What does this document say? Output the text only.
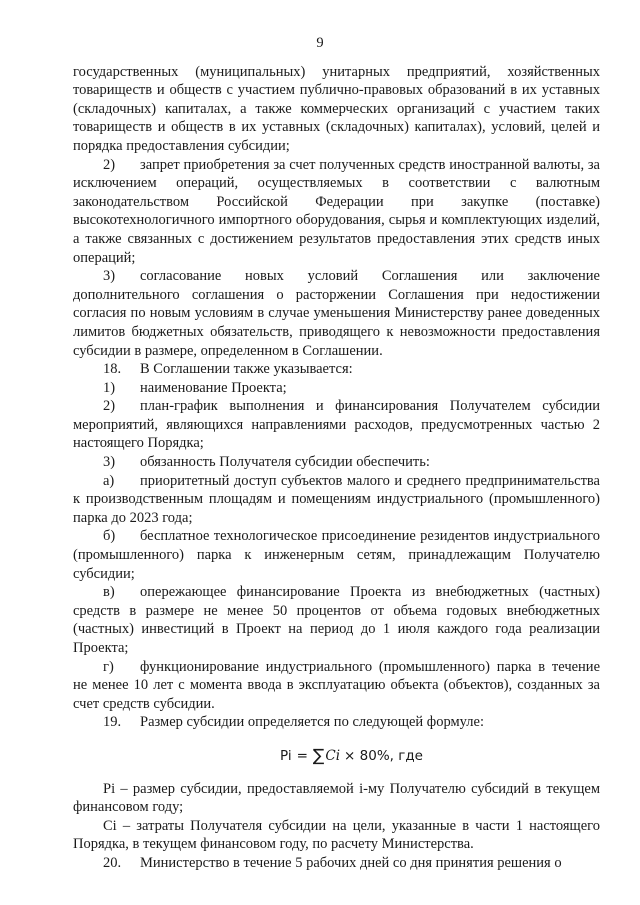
9

государственных (муниципальных) унитарных предприятий, хозяйственных товариществ и обществ с участием публично-правовых образований в их уставных (складочных) капиталах, а также коммерческих организаций с участием таких товариществ и обществ в их уставных (складочных) капиталах), условий, целей и порядка предоставления субсидии;

2) запрет приобретения за счет полученных средств иностранной валюты, за исключением операций, осуществляемых в соответствии с валютным законодательством Российской Федерации при закупке (поставке) высокотехнологичного импортного оборудования, сырья и комплектующих изделий, а также связанных с достижением результатов предоставления этих средств иных операций;

3) согласование новых условий Соглашения или заключение дополнительного соглашения о расторжении Соглашения при недостижении согласия по новым условиям в случае уменьшения Министерству ранее доведенных лимитов бюджетных обязательств, приводящего к невозможности предоставления субсидии в размере, определенном в Соглашении.

18. В Соглашении также указывается:

1) наименование Проекта;

2) план-график выполнения и финансирования Получателем субсидии мероприятий, являющихся направлениями расходов, предусмотренных частью 2 настоящего Порядка;

3) обязанность Получателя субсидии обеспечить:

а) приоритетный доступ субъектов малого и среднего предпринимательства к производственным площадям и помещениям индустриального (промышленного) парка до 2023 года;

б) бесплатное технологическое присоединение резидентов индустриального (промышленного) парка к инженерным сетям, принадлежащим Получателю субсидии;

в) опережающее финансирование Проекта из внебюджетных (частных) средств в размере не менее 50 процентов от объема годовых внебюджетных (частных) инвестиций в Проект на период до 1 июля каждого года реализации Проекта;

г) функционирование индустриального (промышленного) парка в течение не менее 10 лет с момента ввода в эксплуатацию объекта (объектов), созданных за счет средств субсидии.

19. Размер субсидии определяется по следующей формуле:

Pi = ∑Ci × 80%, где

Pi – размер субсидии, предоставляемой i-му Получателю субсидий в текущем финансовом году;

Ci – затраты Получателя субсидии на цели, указанные в части 1 настоящего Порядка, в текущем финансовом году, по расчету Министерства.

20. Министерство в течение 5 рабочих дней со дня принятия решения о
